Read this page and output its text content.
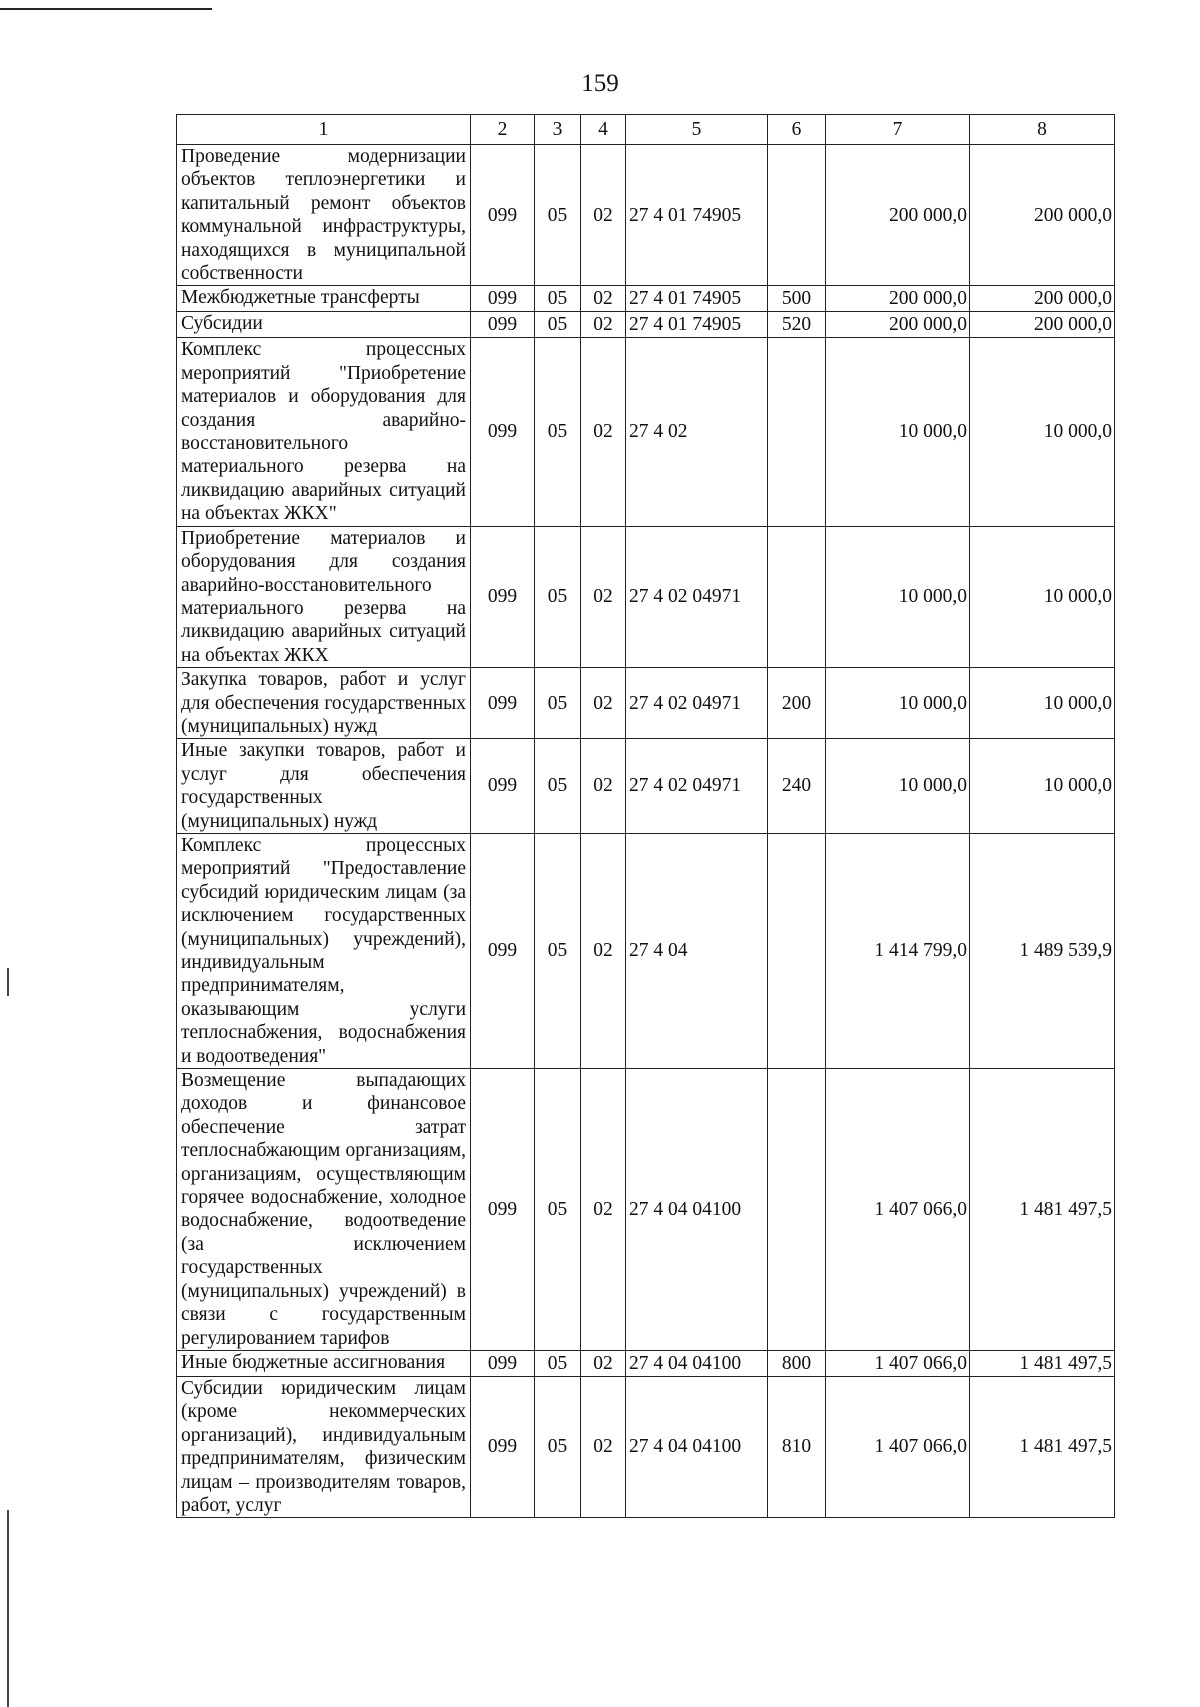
159
1	2	3	4	5	6	7	8
Проведение модернизации объектов теплоэнергетики и капитальный ремонт объектов коммунальной инфраструктуры, находящихся в муниципальной собственности	099	05	02	27 4 01 74905		200 000,0	200 000,0
Межбюджетные трансферты	099	05	02	27 4 01 74905	500	200 000,0	200 000,0
Субсидии	099	05	02	27 4 01 74905	520	200 000,0	200 000,0
Комплекс процессных мероприятий "Приобретение материалов и оборудования для создания аварийно-восстановительного материального резерва на ликвидацию аварийных ситуаций на объектах ЖКХ"	099	05	02	27 4 02		10 000,0	10 000,0
Приобретение материалов и оборудования для создания аварийно-восстановительного материального резерва на ликвидацию аварийных ситуаций на объектах ЖКХ	099	05	02	27 4 02 04971		10 000,0	10 000,0
Закупка товаров, работ и услуг для обеспечения государственных (муниципальных) нужд	099	05	02	27 4 02 04971	200	10 000,0	10 000,0
Иные закупки товаров, работ и услуг для обеспечения государственных (муниципальных) нужд	099	05	02	27 4 02 04971	240	10 000,0	10 000,0
Комплекс процессных мероприятий "Предоставление субсидий юридическим лицам (за исключением государственных (муниципальных) учреждений), индивидуальным предпринимателям, оказывающим услуги теплоснабжения, водоснабжения и водоотведения"	099	05	02	27 4 04		1 414 799,0	1 489 539,9
Возмещение выпадающих доходов и финансовое обеспечение затрат теплоснабжающим организациям, организациям, осуществляющим горячее водоснабжение, холодное водоснабжение, водоотведение (за исключением государственных (муниципальных) учреждений) в связи с государственным регулированием тарифов	099	05	02	27 4 04 04100		1 407 066,0	1 481 497,5
Иные бюджетные ассигнования	099	05	02	27 4 04 04100	800	1 407 066,0	1 481 497,5
Субсидии юридическим лицам (кроме некоммерческих организаций), индивидуальным предпринимателям, физическим лицам – производителям товаров, работ, услуг	099	05	02	27 4 04 04100	810	1 407 066,0	1 481 497,5
